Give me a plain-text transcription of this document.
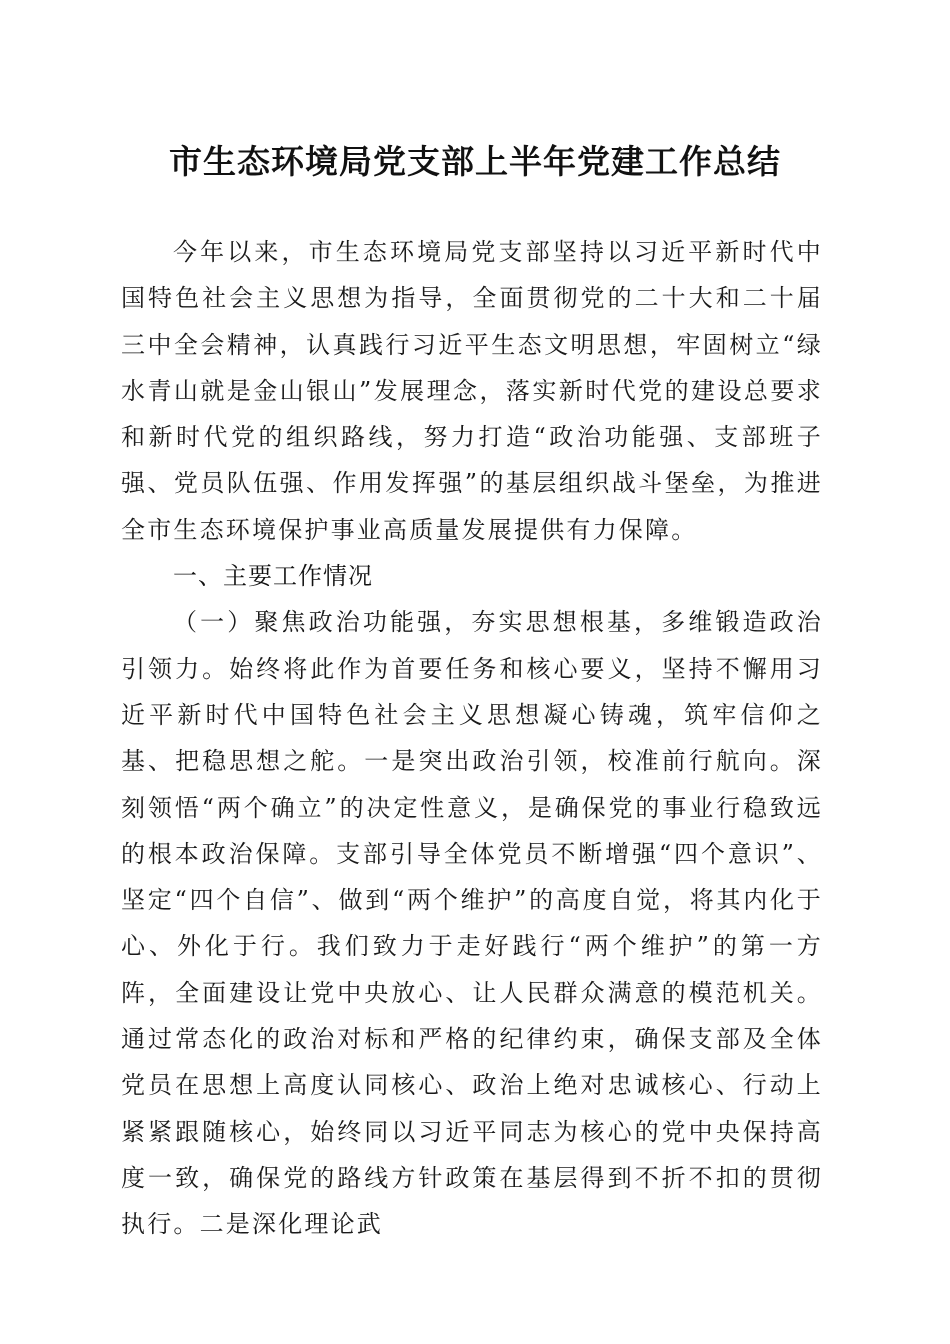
市生态环境局党支部上半年党建工作总结

今年以来，市生态环境局党支部坚持以习近平新时代中国特色社会主义思想为指导，全面贯彻党的二十大和二十届三中全会精神，认真践行习近平生态文明思想，牢固树立“绿水青山就是金山银山”发展理念，落实新时代党的建设总要求和新时代党的组织路线，努力打造“政治功能强、支部班子强、党员队伍强、作用发挥强”的基层组织战斗堡垒，为推进全市生态环境保护事业高质量发展提供有力保障。

一、主要工作情况

（一）聚焦政治功能强，夯实思想根基，多维锻造政治引领力。始终将此作为首要任务和核心要义，坚持不懈用习近平新时代中国特色社会主义思想凝心铸魂，筑牢信仰之基、把稳思想之舵。一是突出政治引领，校准前行航向。深刻领悟“两个确立”的决定性意义，是确保党的事业行稳致远的根本政治保障。支部引导全体党员不断增强“四个意识”、坚定“四个自信”、做到“两个维护”的高度自觉，将其内化于心、外化于行。我们致力于走好践行“两个维护”的第一方阵，全面建设让党中央放心、让人民群众满意的模范机关。通过常态化的政治对标和严格的纪律约束，确保支部及全体党员在思想上高度认同核心、政治上绝对忠诚核心、行动上紧紧跟随核心，始终同以习近平同志为核心的党中央保持高度一致，确保党的路线方针政策在基层得到不折不扣的贯彻执行。二是深化理论武
